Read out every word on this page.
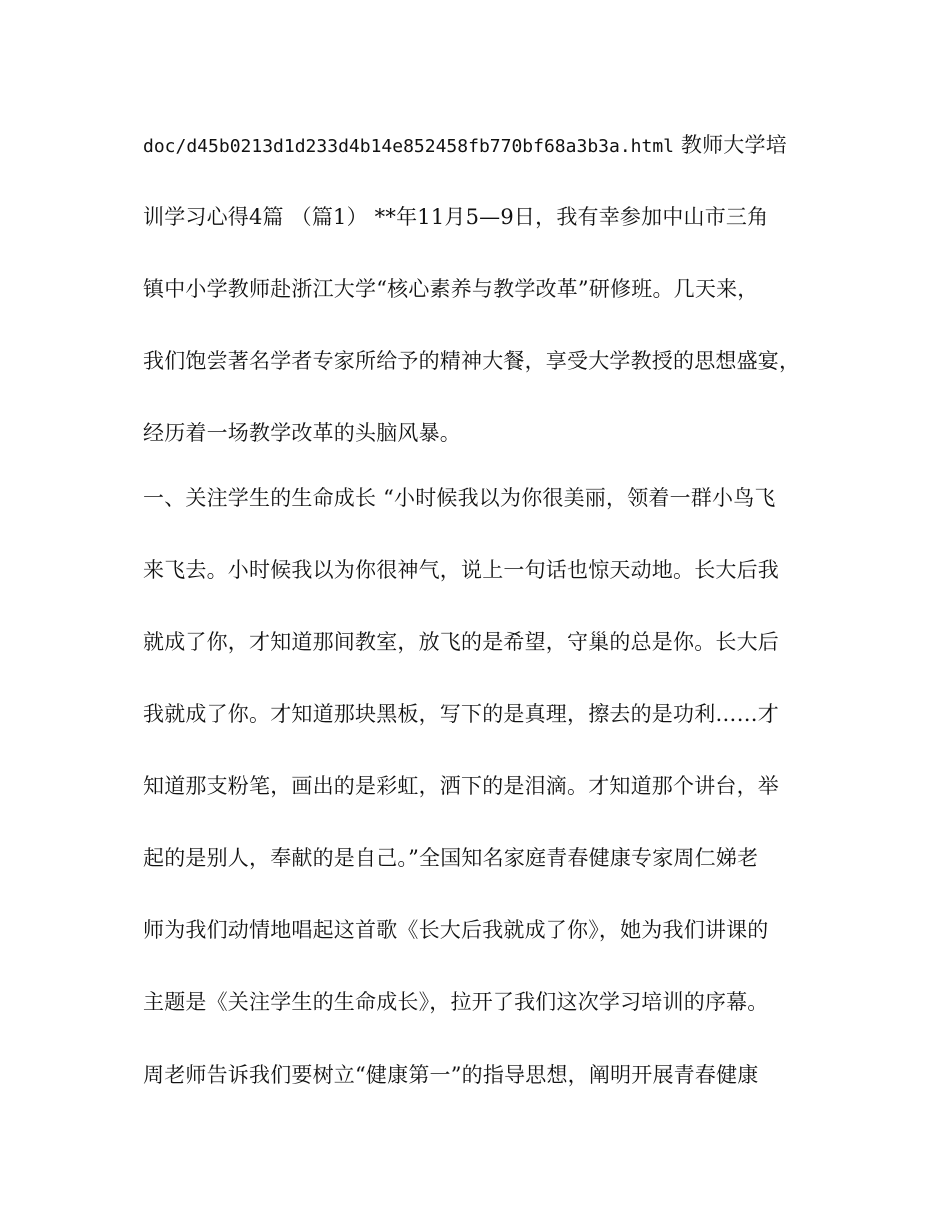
doc/d45b0213d1d233d4b14e852458fb770bf68a3b3a.html 教师大学培
训学习心得4篇 （篇1） **年11月5—9日，我有幸参加中山市三角
镇中小学教师赴浙江大学“核心素养与教学改革”研修班。几天来，
我们饱尝著名学者专家所给予的精神大餐，享受大学教授的思想盛宴，
经历着一场教学改革的头脑风暴。
一、关注学生的生命成长 “小时候我以为你很美丽，领着一群小鸟飞
来飞去。小时候我以为你很神气，说上一句话也惊天动地。长大后我
就成了你，才知道那间教室，放飞的是希望，守巢的总是你。长大后
我就成了你。才知道那块黑板，写下的是真理，擦去的是功利……才
知道那支粉笔，画出的是彩虹，洒下的是泪滴。才知道那个讲台，举
起的是别人，奉献的是自己。”全国知名家庭青春健康专家周仁娣老
师为我们动情地唱起这首歌《长大后我就成了你》，她为我们讲课的
主题是《关注学生的生命成长》，拉开了我们这次学习培训的序幕。
周老师告诉我们要树立“健康第一”的指导思想，阐明开展青春健康
